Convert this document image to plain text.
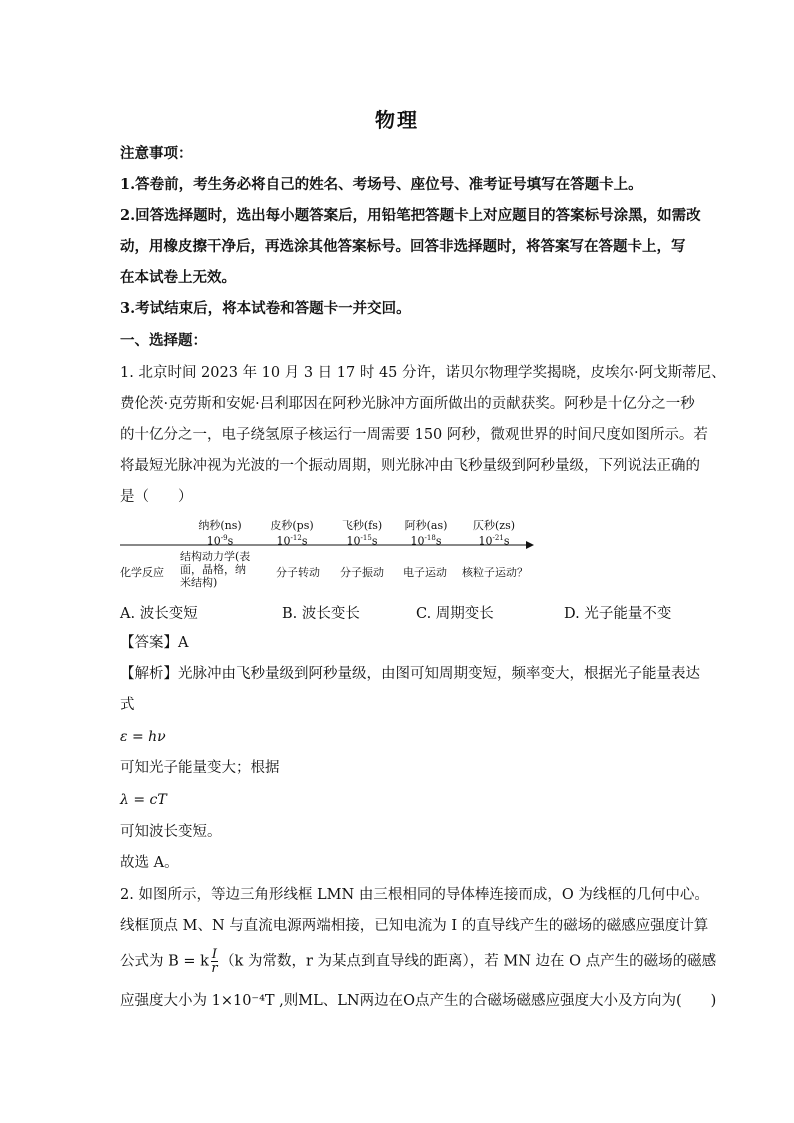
物理
注意事项：
1.答卷前，考生务必将自己的姓名、考场号、座位号、准考证号填写在答题卡上。
2.回答选择题时，选出每小题答案后，用铅笔把答题卡上对应题目的答案标号涂黑，如需改
动，用橡皮擦干净后，再选涂其他答案标号。回答非选择题时，将答案写在答题卡上，写
在本试卷上无效。
3.考试结束后，将本试卷和答题卡一并交回。
一、选择题：
1. 北京时间 2023 年 10 月 3 日 17 时 45 分许，诺贝尔物理学奖揭晓，皮埃尔·阿戈斯蒂尼、
费伦茨·克劳斯和安妮·吕利耶因在阿秒光脉冲方面所做出的贡献获奖。阿秒是十亿分之一秒
的十亿分之一，电子绕氢原子核运行一周需要 150 阿秒，微观世界的时间尺度如图所示。若
将最短光脉冲视为光波的一个振动周期，则光脉冲由飞秒量级到阿秒量级，下列说法正确的
是（　　）
纳秒(ns)
$10^{-9}s$
皮秒(ps)
$10^{-12}s$
飞秒(fs)
$10^{-15}s$
阿秒(as)
$10^{-18}s$
仄秒(zs)
$10^{-21}s$
化学反应
结构动力学(表
面，晶格，纳
米结构)
分子转动 分子振动 电子运动 核粒子运动？
A. 波长变短	B. 波长变长	C. 周期变长	D. 光子能量不变
【答案】A
【解析】光脉冲由飞秒量级到阿秒量级，由图可知周期变短，频率变大，根据光子能量表达
式
ε = hν
可知光子能量变大；根据
λ = cT
可知波长变短。
故选 A。
2. 如图所示，等边三角形线框 LMN 由三根相同的导体棒连接而成，O 为线框的几何中心。
线框顶点 M、N 与直流电源两端相接，已知电流为 I 的直导线产生的磁场的磁感应强度计算
公式为 B = k $\frac{I}{r} (k$ 为常数，r 为某点到直导线的距离），若 MN 边在 O 点产生的磁场的磁感
应强度大小为 1×10⁻⁴T ,则ML、LN两边在O点产生的合磁场磁感应强度大小及方向为(　　)
